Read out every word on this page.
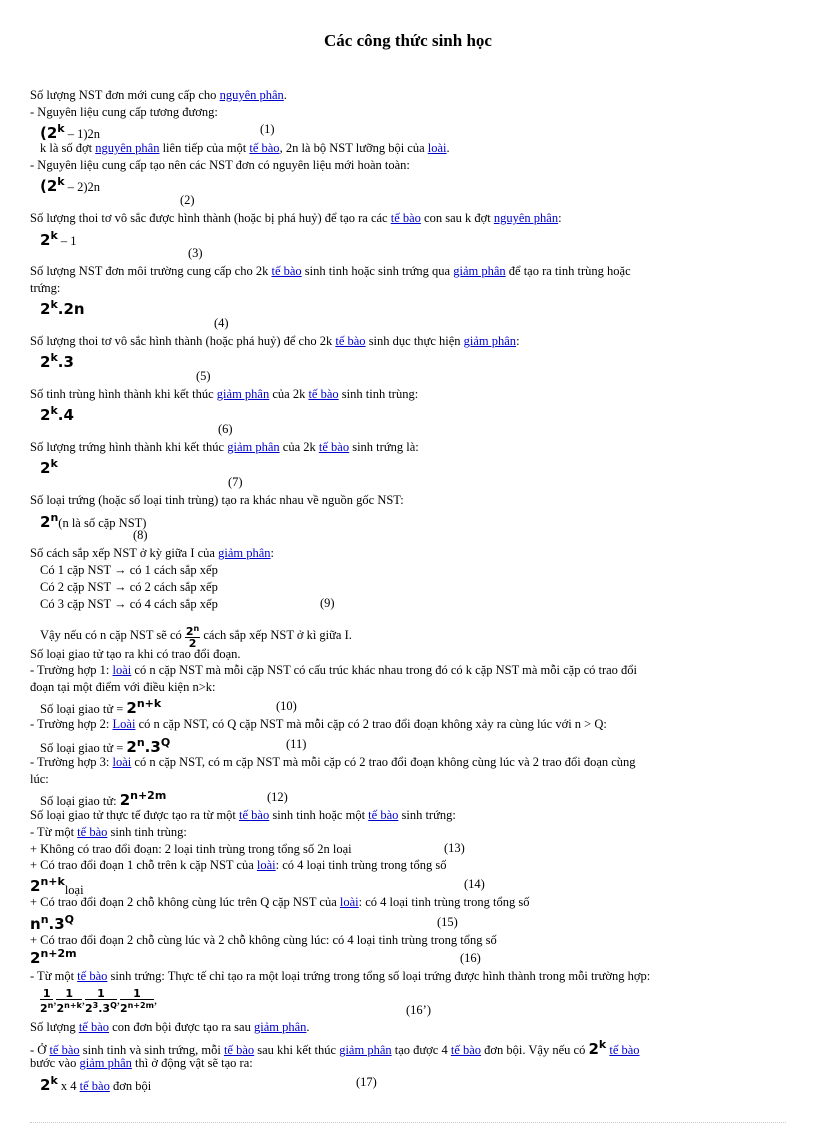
Các công thức sinh học
Số lượng NST đơn mới cung cấp cho nguyên phân.
- Nguyên liệu cung cấp tương đương:
(2$^k$ – 1)2n	(1)
k là số đợt nguyên phân liên tiếp của một tế bào, 2n là bộ NST lưỡng bội của loài.
- Nguyên liệu cung cấp tạo nên các NST đơn có nguyên liệu mới hoàn toàn:
(2$^k$ – 2)2n
(2)
Số lượng thoi tơ vô sắc được hình thành (hoặc bị phá huỷ) để tạo ra các tế bào con sau k đợt nguyên phân:
2$^k$ – 1
(3)
Số lượng NST đơn môi trường cung cấp cho 2k tế bào sinh tinh hoặc sinh trứng qua giảm phân để tạo ra tinh trùng hoặc
trứng:
2$^k$.2n
(4)
Số lượng thoi tơ vô sắc hình thành (hoặc phá huỷ) để cho 2k tế bào sinh dục thực hiện giảm phân:
2$^k$.3
(5)
Số tinh trùng hình thành khi kết thúc giảm phân của 2k tế bào sinh tinh trùng:
2$^k$.4
(6)
Số lượng trứng hình thành khi kết thúc giảm phân của 2k tế bào sinh trứng là:
2$^k$
(7)
Số loại trứng (hoặc số loại tinh trùng) tạo ra khác nhau về nguồn gốc NST:
2$^n$(n là số cặp NST)
(8)
Số cách sắp xếp NST ở kỳ giữa I của giảm phân:
Có 1 cặp NST → có 1 cách sắp xếp
Có 2 cặp NST → có 2 cách sắp xếp
Có 3 cặp NST → có 4 cách sắp xếp	(9)
Vậy nếu có n cặp NST sẽ có $\frac{2^n}{2}$ cách sắp xếp NST ở kì giữa I.
Số loại giao tử tạo ra khi có trao đổi đoạn.
- Trường hợp 1: loài có n cặp NST mà mỗi cặp NST có cấu trúc khác nhau trong đó có k cặp NST mà mỗi cặp có trao đổi
đoạn tại một điểm với điều kiện n>k:
Số loại giao tử = $2^{n+k}$	(10)
- Trường hợp 2: Loài có n cặp NST, có Q cặp NST mà mỗi cặp có 2 trao đổi đoạn không xảy ra cùng lúc với n > Q:
Số loại giao tử = $2^n.3^Q$	(11)
- Trường hợp 3: loài có n cặp NST, có m cặp NST mà mỗi cặp có 2 trao đổi đoạn không cùng lúc và 2 trao đổi đoạn cùng
lúc:
Số loại giao tử: $2^{n+2m}$	(12)
Số loại giao tử thực tế được tạo ra từ một tế bào sinh tinh hoặc một tế bào sinh trứng:
- Từ một tế bào sinh tinh trùng:
+ Không có trao đổi đoạn: 2 loại tinh trùng trong tổng số 2n loại	(13)
+ Có trao đổi đoạn 1 chỗ trên k cặp NST của loài: có 4 loại tinh trùng trong tổng số
$2^{n+k}loại$	(14)
+ Có trao đổi đoạn 2 chỗ không cùng lúc trên Q cặp NST của loài: có 4 loại tinh trùng trong tổng số
$n^n.3^Q$	(15)
+ Có trao đổi đoạn 2 chỗ cùng lúc và 2 chỗ không cùng lúc: có 4 loại tinh trùng trong tổng số
$2^{n+2m}$	(16)
- Từ một tế bào sinh trứng: Thực tế chỉ tạo ra một loại trứng trong tổng số loại trứng được hình thành trong mỗi trường hợp:
$\frac{1}{2^n}$ , $\frac{1}{2^{n+k}}$ , $\frac{1}{2^3.3^Q}$ , $\frac{1}{2^{n+2m}}$ ,
(16’)
Số lượng tế bào con đơn bội được tạo ra sau giảm phân.
- Ở tế bào sinh tinh và sinh trứng, mỗi tế bào sau khi kết thúc giảm phân tạo được 4 tế bào đơn bội. Vậy nếu có 2$^k$ tế bào
bước vào giảm phân thì ở động vật sẽ tạo ra:
2$^k$ x 4 tế bào đơn bội	(17)
